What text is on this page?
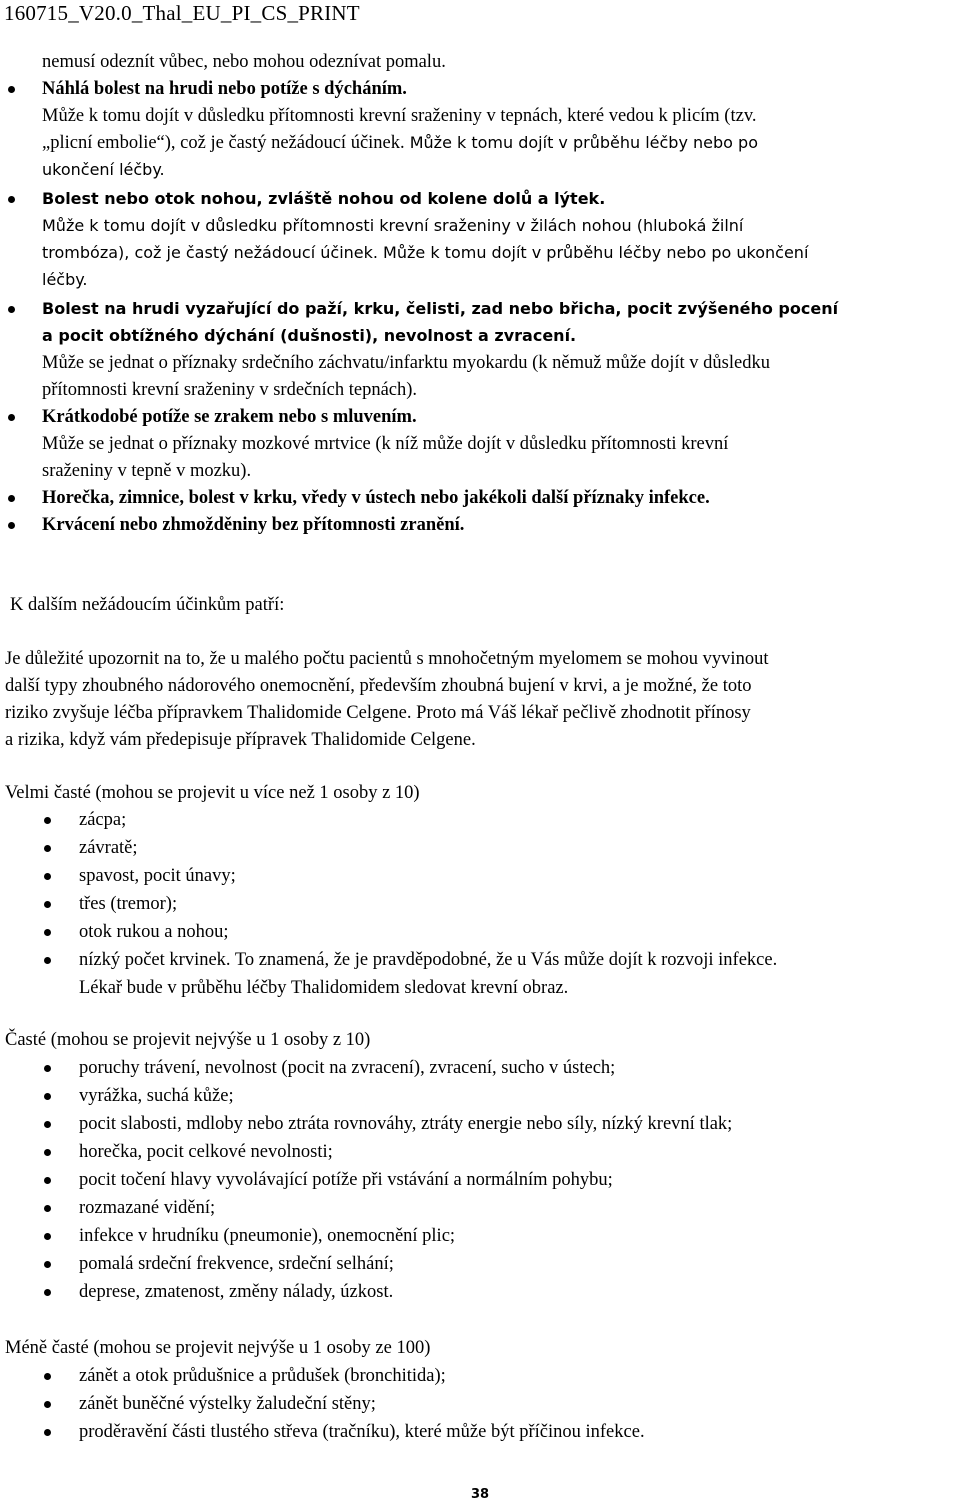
160715_V20.0_Thal_EU_PI_CS_PRINT
nemusí odeznít vůbec, nebo mohou odeznívat pomalu.
Náhlá bolest na hrudi nebo potíže s dýcháním.
Může k tomu dojít v důsledku přítomnosti krevní sraženiny v tepnách, které vedou k plicím (tzv.
„plicní embolie“), což je častý nežádoucí účinek. Může k tomu dojít v průběhu léčby nebo po
ukončení léčby.
Bolest nebo otok nohou, zvláště nohou od kolene dolů a lýtek.
Může k tomu dojít v důsledku přítomnosti krevní sraženiny v žilách nohou (hluboká žilní
trombóza), což je častý nežádoucí účinek. Může k tomu dojít v průběhu léčby nebo po ukončení
léčby.
Bolest na hrudi vyzařující do paží, krku, čelisti, zad nebo břicha, pocit zvýšeného pocení
a pocit obtížného dýchání (dušnosti), nevolnost a zvracení.
Může se jednat o příznaky srdečního záchvatu/infarktu myokardu (k němuž může dojít v důsledku
přítomnosti krevní sraženiny v srdečních tepnách).
Krátkodobé potíže se zrakem nebo s mluvením.
Může se jednat o příznaky mozkové mrtvice (k níž může dojít v důsledku přítomnosti krevní
sraženiny v tepně v mozku).
Horečka, zimnice, bolest v krku, vředy v ústech nebo jakékoli další příznaky infekce.
Krvácení nebo zhmožděniny bez přítomnosti zranění.
K dalším nežádoucím účinkům patří:
Je důležité upozornit na to, že u malého počtu pacientů s mnohočetným myelomem se mohou vyvinout
další typy zhoubného nádorového onemocnění, především zhoubná bujení v krvi, a je možné, že toto
riziko zvyšuje léčba přípravkem Thalidomide Celgene. Proto má Váš lékař pečlivě zhodnotit přínosy
a rizika, když vám předepisuje přípravek Thalidomide Celgene.
Velmi časté (mohou se projevit u více než 1 osoby z 10)
zácpa;
závratě;
spavost, pocit únavy;
třes (tremor);
otok rukou a nohou;
nízký počet krvinek. To znamená, že je pravděpodobné, že u Vás může dojít k rozvoji infekce.
Lékař bude v průběhu léčby Thalidomidem sledovat krevní obraz.
Časté (mohou se projevit nejvýše u 1 osoby z 10)
poruchy trávení, nevolnost (pocit na zvracení), zvracení, sucho v ústech;
vyrážka, suchá kůže;
pocit slabosti, mdloby nebo ztráta rovnováhy, ztráty energie nebo síly, nízký krevní tlak;
horečka, pocit celkové nevolnosti;
pocit točení hlavy vyvolávající potíže při vstávání a normálním pohybu;
rozmazané vidění;
infekce v hrudníku (pneumonie), onemocnění plic;
pomalá srdeční frekvence, srdeční selhání;
deprese, zmatenost, změny nálady, úzkost.
Méně časté (mohou se projevit nejvýše u 1 osoby ze 100)
zánět a otok průdušnice a průdušek (bronchitida);
zánět buněčné výstelky žaludeční stěny;
proděravění části tlustého střeva (tračníku), které může být příčinou infekce.
38
